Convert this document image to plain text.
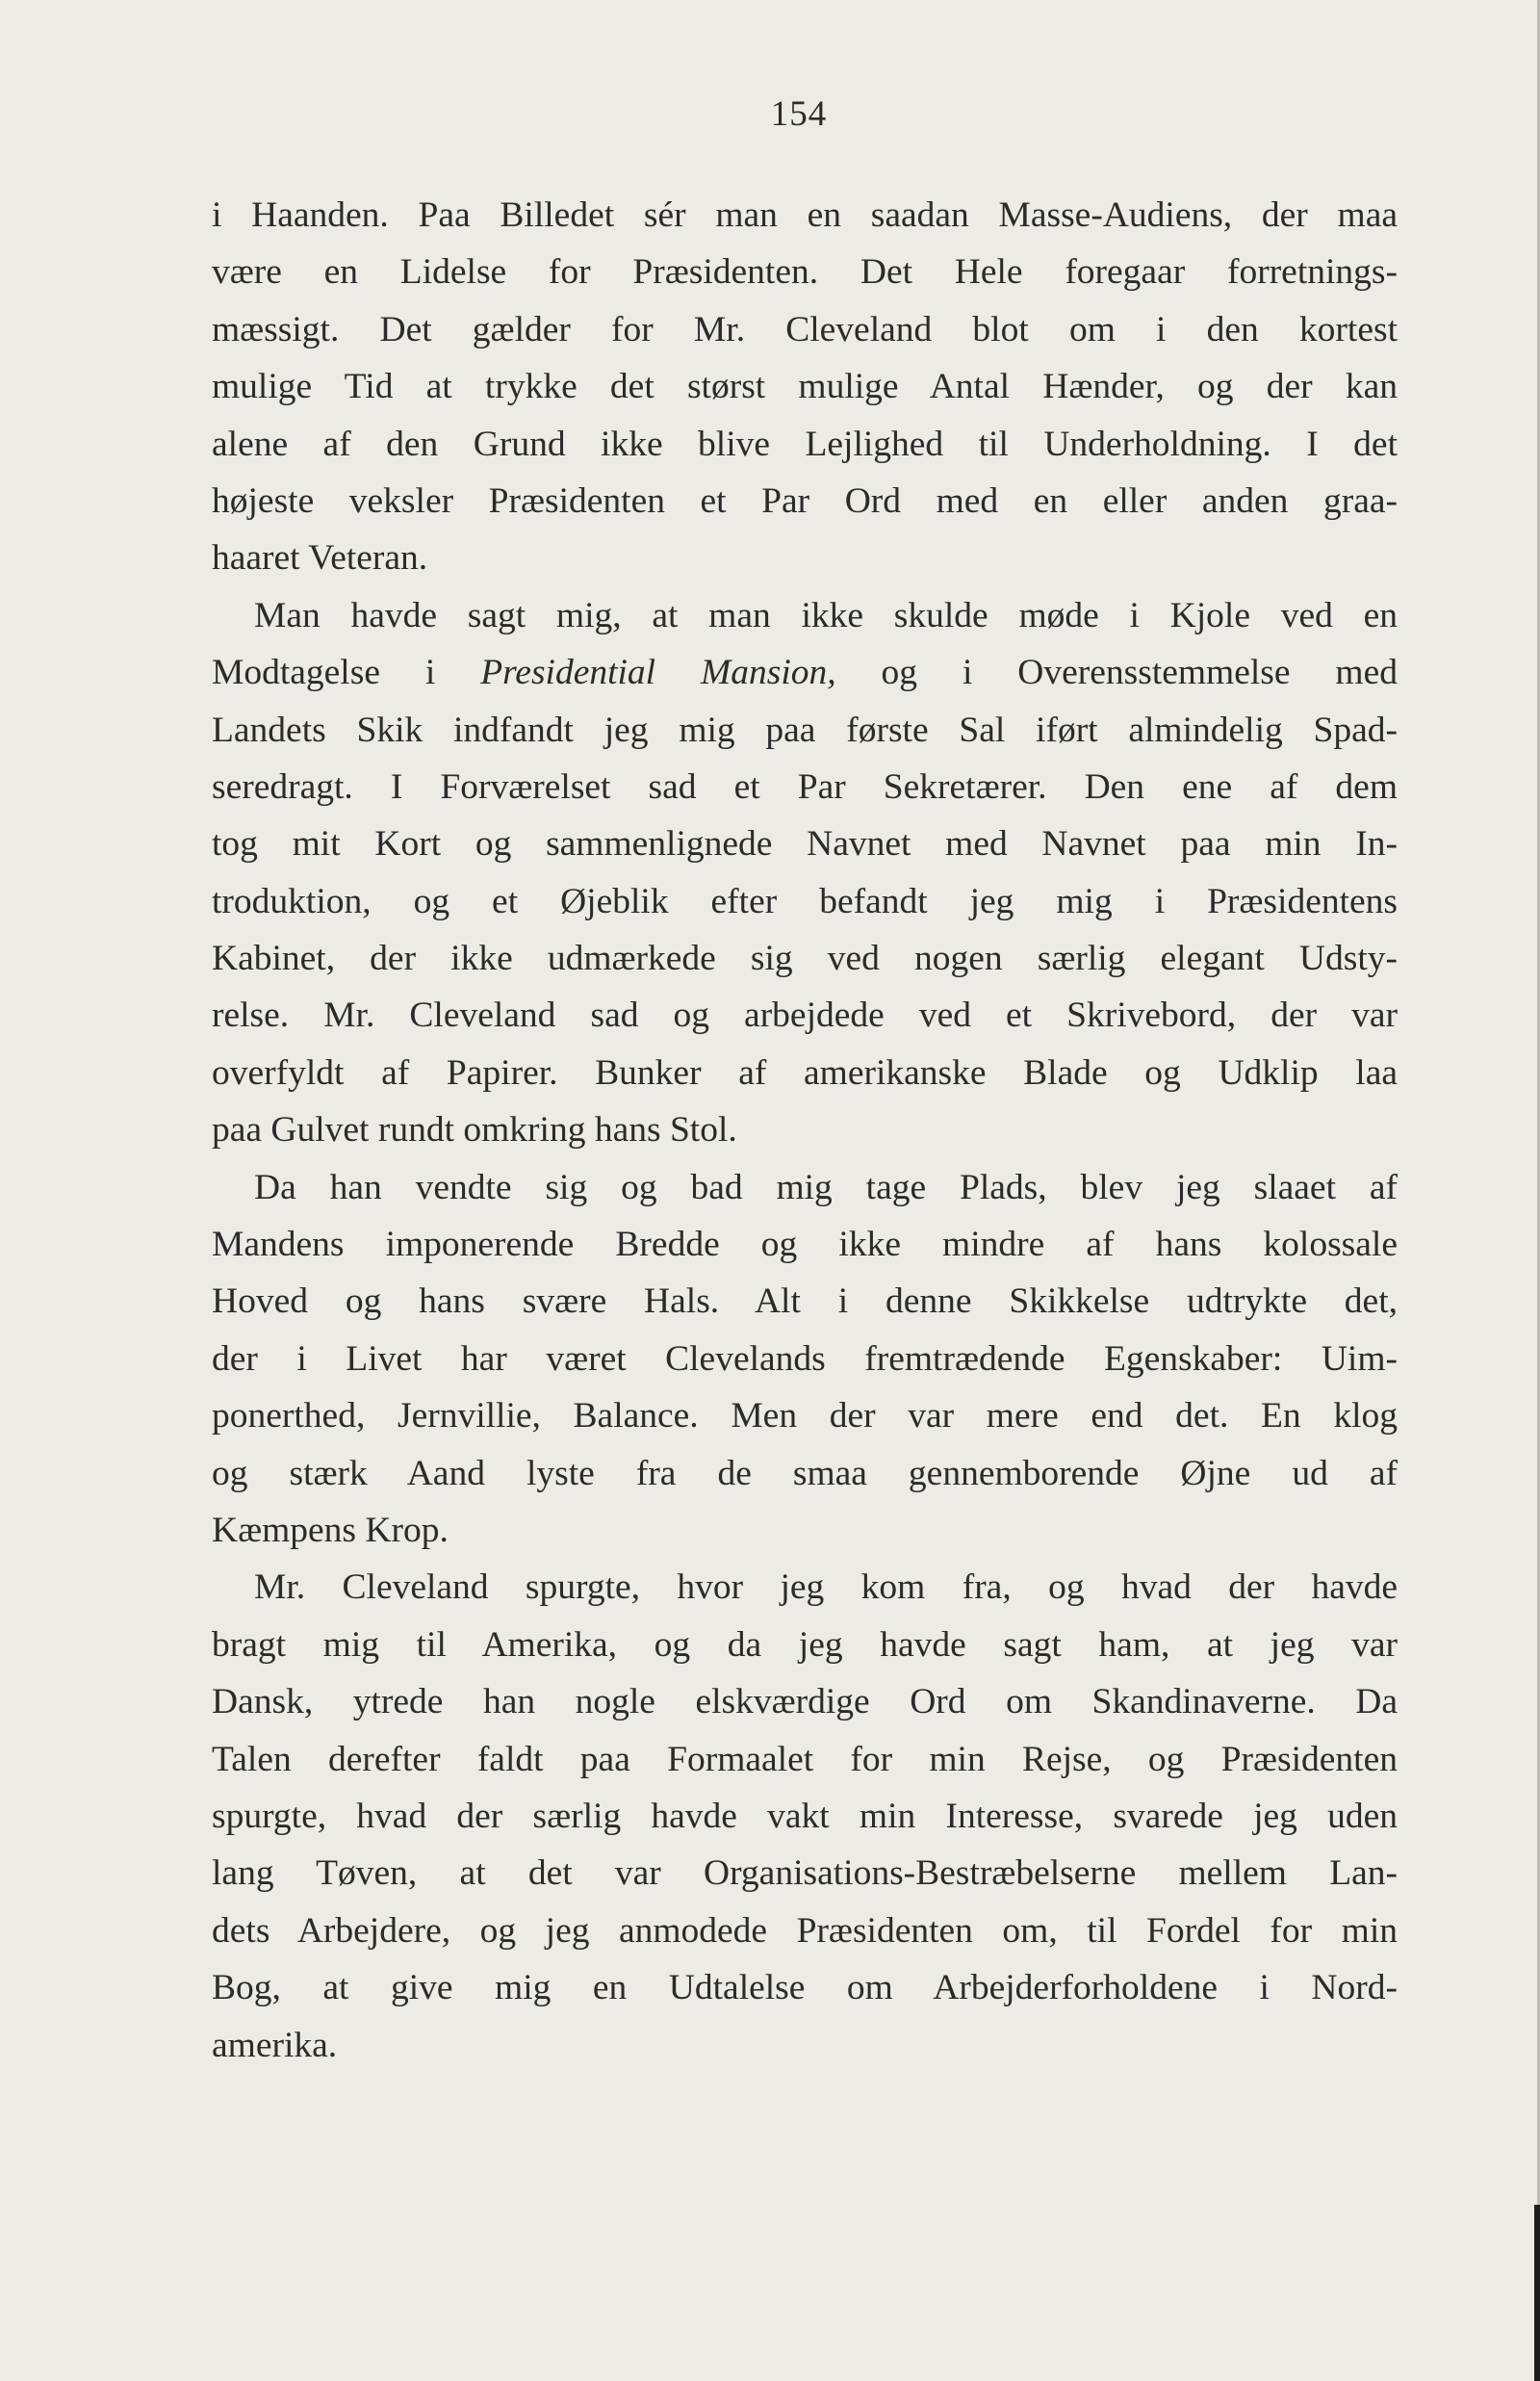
154
i Haanden. Paa Billedet sér man en saadan Masse-Audiens, der maa
være en Lidelse for Præsidenten. Det Hele foregaar forretnings-
mæssigt. Det gælder for Mr. Cleveland blot om i den kortest
mulige Tid at trykke det størst mulige Antal Hænder, og der kan
alene af den Grund ikke blive Lejlighed til Underholdning. I det
højeste veksler Præsidenten et Par Ord med en eller anden graa-
haaret Veteran.
Man havde sagt mig, at man ikke skulde møde i Kjole ved en
Modtagelse i Presidential Mansion, og i Overensstemmelse med
Landets Skik indfandt jeg mig paa første Sal iført almindelig Spad-
seredragt. I Forværelset sad et Par Sekretærer. Den ene af dem
tog mit Kort og sammenlignede Navnet med Navnet paa min In-
troduktion, og et Øjeblik efter befandt jeg mig i Præsidentens
Kabinet, der ikke udmærkede sig ved nogen særlig elegant Udsty-
relse. Mr. Cleveland sad og arbejdede ved et Skrivebord, der var
overfyldt af Papirer. Bunker af amerikanske Blade og Udklip laa
paa Gulvet rundt omkring hans Stol.
Da han vendte sig og bad mig tage Plads, blev jeg slaaet af
Mandens imponerende Bredde og ikke mindre af hans kolossale
Hoved og hans svære Hals. Alt i denne Skikkelse udtrykte det,
der i Livet har været Clevelands fremtrædende Egenskaber: Uim-
ponerthed, Jernvillie, Balance. Men der var mere end det. En klog
og stærk Aand lyste fra de smaa gennemborende Øjne ud af
Kæmpens Krop.
Mr. Cleveland spurgte, hvor jeg kom fra, og hvad der havde
bragt mig til Amerika, og da jeg havde sagt ham, at jeg var
Dansk, ytrede han nogle elskværdige Ord om Skandinaverne. Da
Talen derefter faldt paa Formaalet for min Rejse, og Præsidenten
spurgte, hvad der særlig havde vakt min Interesse, svarede jeg uden
lang Tøven, at det var Organisations-Bestræbelserne mellem Lan-
dets Arbejdere, og jeg anmodede Præsidenten om, til Fordel for min
Bog, at give mig en Udtalelse om Arbejderforholdene i Nord-
amerika.
